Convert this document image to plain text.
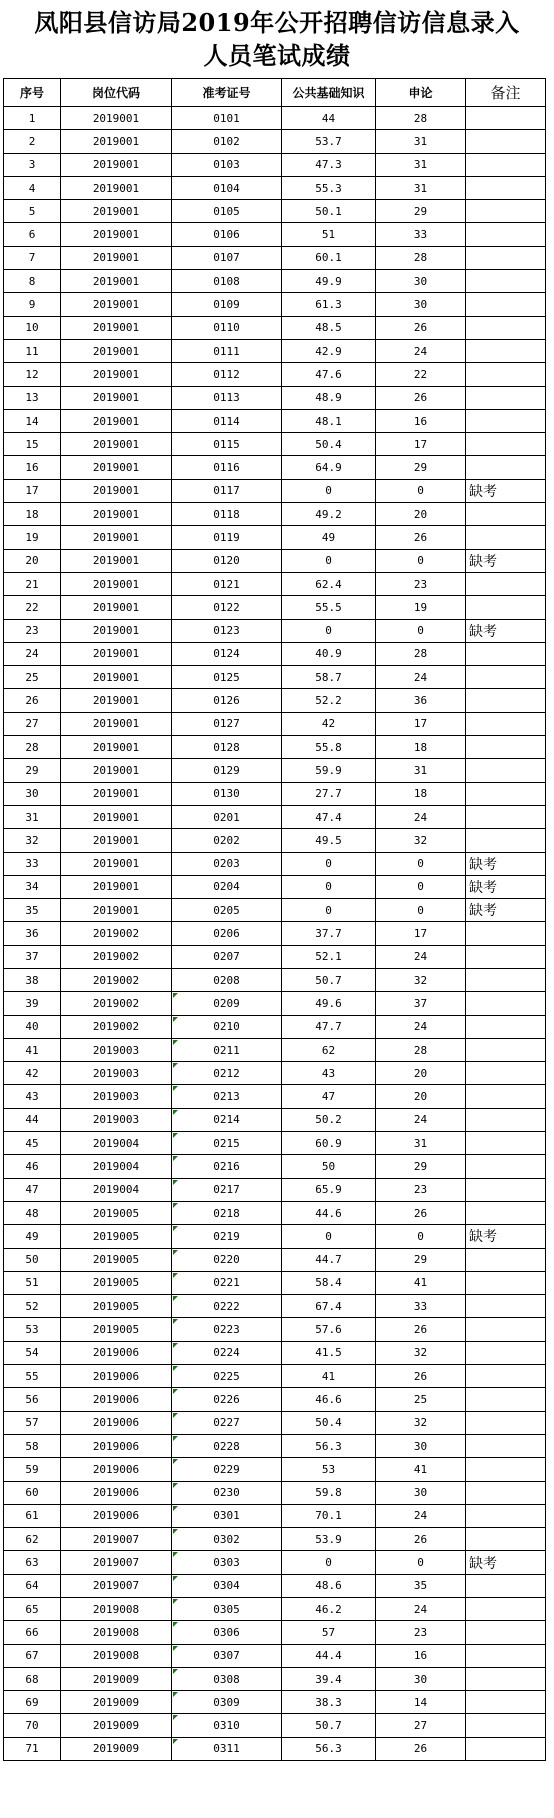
凤阳县信访局2019年公开招聘信访信息录入
人员笔试成绩
序号	岗位代码	准考证号	公共基础知识	申论	备注
1	2019001	0101	44	28	
2	2019001	0102	53.7	31	
3	2019001	0103	47.3	31	
4	2019001	0104	55.3	31	
5	2019001	0105	50.1	29	
6	2019001	0106	51	33	
7	2019001	0107	60.1	28	
8	2019001	0108	49.9	30	
9	2019001	0109	61.3	30	
10	2019001	0110	48.5	26	
11	2019001	0111	42.9	24	
12	2019001	0112	47.6	22	
13	2019001	0113	48.9	26	
14	2019001	0114	48.1	16	
15	2019001	0115	50.4	17	
16	2019001	0116	64.9	29	
17	2019001	0117	0	0	缺考
18	2019001	0118	49.2	20	
19	2019001	0119	49	26	
20	2019001	0120	0	0	缺考
21	2019001	0121	62.4	23	
22	2019001	0122	55.5	19	
23	2019001	0123	0	0	缺考
24	2019001	0124	40.9	28	
25	2019001	0125	58.7	24	
26	2019001	0126	52.2	36	
27	2019001	0127	42	17	
28	2019001	0128	55.8	18	
29	2019001	0129	59.9	31	
30	2019001	0130	27.7	18	
31	2019001	0201	47.4	24	
32	2019001	0202	49.5	32	
33	2019001	0203	0	0	缺考
34	2019001	0204	0	0	缺考
35	2019001	0205	0	0	缺考
36	2019002	0206	37.7	17	
37	2019002	0207	52.1	24	
38	2019002	0208	50.7	32	
39	2019002	0209	49.6	37	
40	2019002	0210	47.7	24	
41	2019003	0211	62	28	
42	2019003	0212	43	20	
43	2019003	0213	47	20	
44	2019003	0214	50.2	24	
45	2019004	0215	60.9	31	
46	2019004	0216	50	29	
47	2019004	0217	65.9	23	
48	2019005	0218	44.6	26	
49	2019005	0219	0	0	缺考
50	2019005	0220	44.7	29	
51	2019005	0221	58.4	41	
52	2019005	0222	67.4	33	
53	2019005	0223	57.6	26	
54	2019006	0224	41.5	32	
55	2019006	0225	41	26	
56	2019006	0226	46.6	25	
57	2019006	0227	50.4	32	
58	2019006	0228	56.3	30	
59	2019006	0229	53	41	
60	2019006	0230	59.8	30	
61	2019006	0301	70.1	24	
62	2019007	0302	53.9	26	
63	2019007	0303	0	0	缺考
64	2019007	0304	48.6	35	
65	2019008	0305	46.2	24	
66	2019008	0306	57	23	
67	2019008	0307	44.4	16	
68	2019009	0308	39.4	30	
69	2019009	0309	38.3	14	
70	2019009	0310	50.7	27	
71	2019009	0311	56.3	26	
